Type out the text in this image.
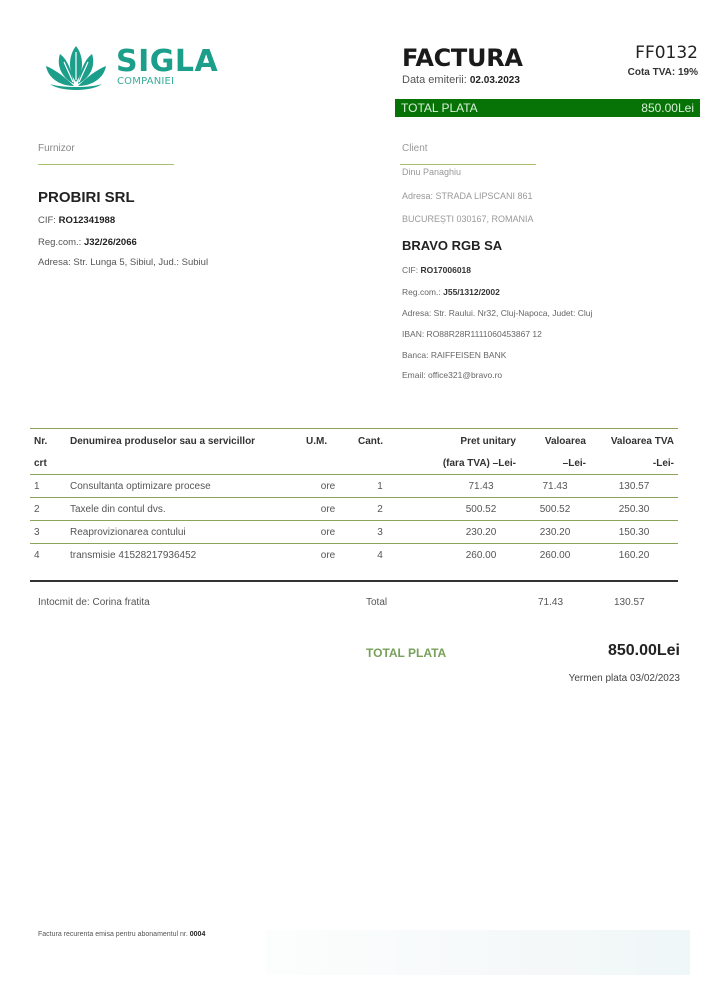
SIGLA
COMPANIEI
FACTURA
Data emiterii: 02.03.2023
FF0132
Cota TVA: 19%
TOTAL PLATA	850.00Lei
Furnizor
PROBIRI SRL
CIF: RO12341988
Reg.com.: J32/26/2066
Adresa: Str. Lunga 5, Sibiul, Jud.: Subiul
Client
Dinu Panaghiu
Adresa: STRADA LIPSCANI 861
BUCUREȘTI 030167, ROMANIA
BRAVO RGB SA
CIF: RO17006018
Reg.com.: J55/1312/2002
Adresa: Str. Raului. Nr32, Cluj-Napoca, Judet: Cluj
IBAN: RO88R28R1111060453867 12
Banca: RAIFFEISEN BANK
Email: office321@bravo.ro
Nr.	Denumirea produselor sau a servicillor	U.M.	Cant.	Pret unitary	Valoarea	Valoarea TVA
crt				(fara TVA) –Lei-	–Lei-	-Lei-
1	Consultanta optimizare procese	ore	1	71.43	71.43	130.57
2	Taxele din contul dvs.	ore	2	500.52	500.52	250.30
3	Reaprovizionarea contului	ore	3	230.20	230.20	150.30
4	transmisie 41528217936452	ore	4	260.00	260.00	160.20
Intocmit de: Corina fratita	Total	71.43	130.57
TOTAL PLATA	850.00Lei
Yermen plata 03/02/2023
Factura recurenta emisa pentru abonamentul nr. 0004
